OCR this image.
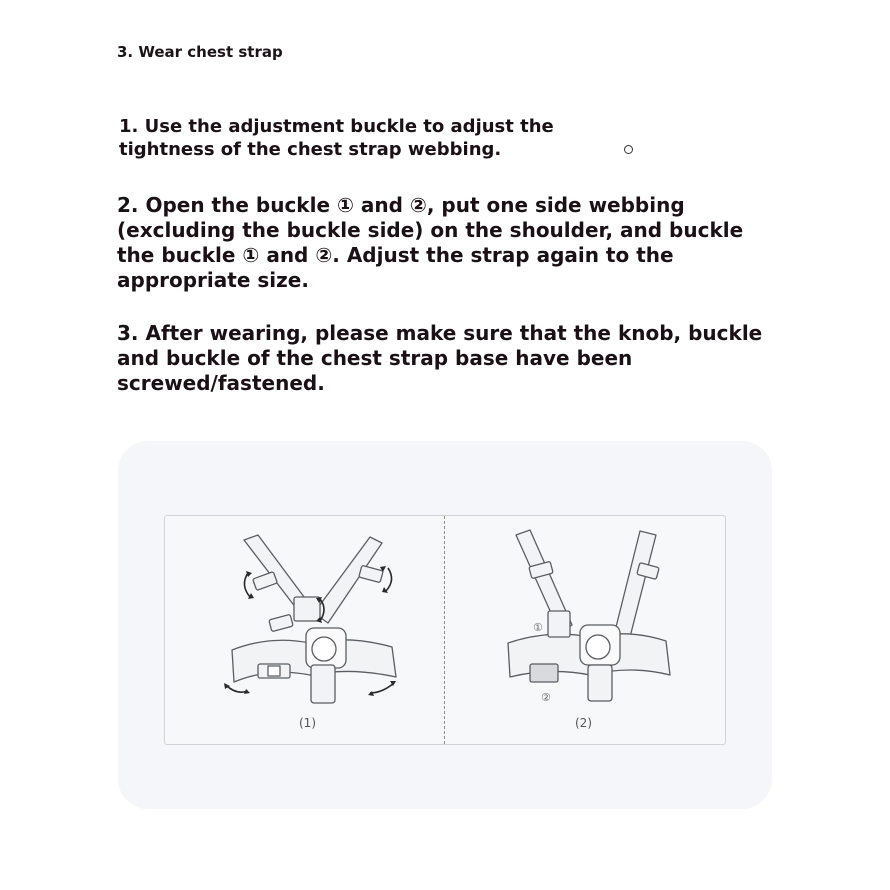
3. Wear chest strap
1. Use the adjustment buckle to adjust the tightness of the chest strap webbing.
2. Open the buckle ① and ②, put one side webbing (excluding the buckle side) on the shoulder, and buckle the buckle ① and ②. Adjust the strap again to the appropriate size.
3. After wearing, please make sure that the knob, buckle and buckle of the chest strap base have been screwed/fastened.
①
②
(1)	(2)
